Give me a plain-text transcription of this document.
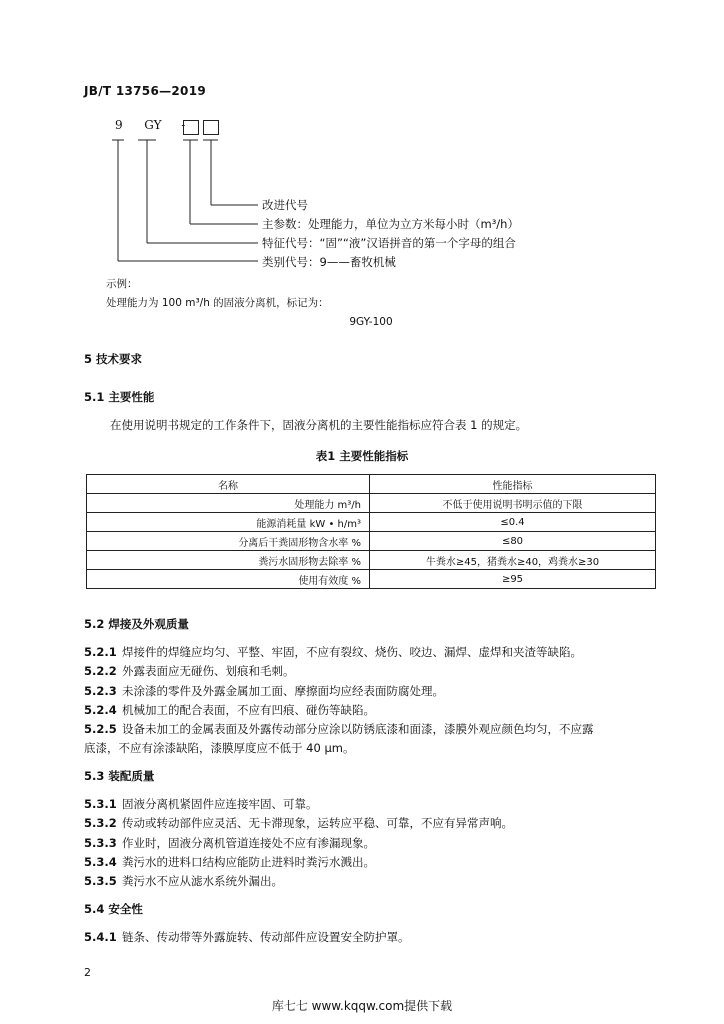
JB/T 13756—2019
9 GY -
改进代号
主参数：处理能力，单位为立方米每小时（m³/h）
特征代号：“固”“液”汉语拼音的第一个字母的组合
类别代号：9——畜牧机械
示例：
处理能力为 100 m³/h 的固液分离机，标记为：
9GY-100
5 技术要求
5.1 主要性能
在使用说明书规定的工作条件下，固液分离机的主要性能指标应符合表 1 的规定。
表1 主要性能指标
名称	性能指标
处理能力 m³/h	不低于使用说明书明示值的下限
能源消耗量 kW • h/m³	≤0.4
分离后干粪固形物含水率 %	≤80
粪污水固形物去除率 %	牛粪水≥45，猪粪水≥40，鸡粪水≥30
使用有效度 %	≥95
5.2 焊接及外观质量
5.2.1 焊接件的焊缝应均匀、平整、牢固，不应有裂纹、烧伤、咬边、漏焊、虚焊和夹渣等缺陷。
5.2.2 外露表面应无碰伤、划痕和毛刺。
5.2.3 未涂漆的零件及外露金属加工面、摩擦面均应经表面防腐处理。
5.2.4 机械加工的配合表面，不应有凹痕、碰伤等缺陷。
5.2.5 设备未加工的金属表面及外露传动部分应涂以防锈底漆和面漆，漆膜外观应颜色均匀，不应露
底漆，不应有涂漆缺陷，漆膜厚度应不低于 40 μm。
5.3 装配质量
5.3.1 固液分离机紧固件应连接牢固、可靠。
5.3.2 传动或转动部件应灵活、无卡滞现象，运转应平稳、可靠，不应有异常声响。
5.3.3 作业时，固液分离机管道连接处不应有渗漏现象。
5.3.4 粪污水的进料口结构应能防止进料时粪污水溅出。
5.3.5 粪污水不应从滤水系统外漏出。
5.4 安全性
5.4.1 链条、传动带等外露旋转、传动部件应设置安全防护罩。
2
库七七 www.kqqw.com提供下载
